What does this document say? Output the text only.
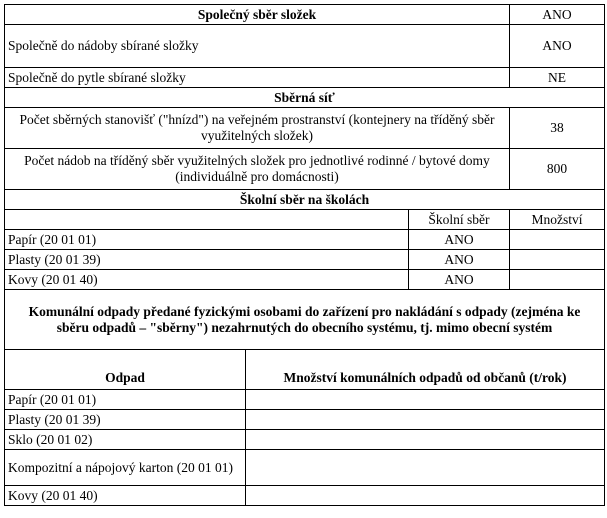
Společný sběr složek	ANO

Společně do nádoby sbírané složky	ANO
Společně do pytle sbírané složky	NE
Sběrná síť	
Počet sběrných stanovišť ("hnízd") na veřejném prostranství (kontejnery na tříděný sběr využitelných složek)	38
Počet nádob na tříděný sběr využitelných složek pro jednotlivé rodinné / bytové domy (individuálně pro domácnosti)	800
Školní sběr na školách		
	Školní sběr	Množství
Papír (20 01 01)	ANO	
Plasty (20 01 39)	ANO	
Kovy (20 01 40)	ANO	
Komunální odpady předané fyzickými osobami do zařízení pro nakládání s odpady (zejména ke sběru odpadů – "sběrny") nezahrnutých do obecního systému, tj. mimo obecní systém	
Odpad	Množství komunálních odpadů od občanů (t/rok)
Papír (20 01 01)	
Plasty (20 01 39)	
Sklo (20 01 02)	
Kompozitní a nápojový karton (20 01 01)	
Kovy (20 01 40)	
